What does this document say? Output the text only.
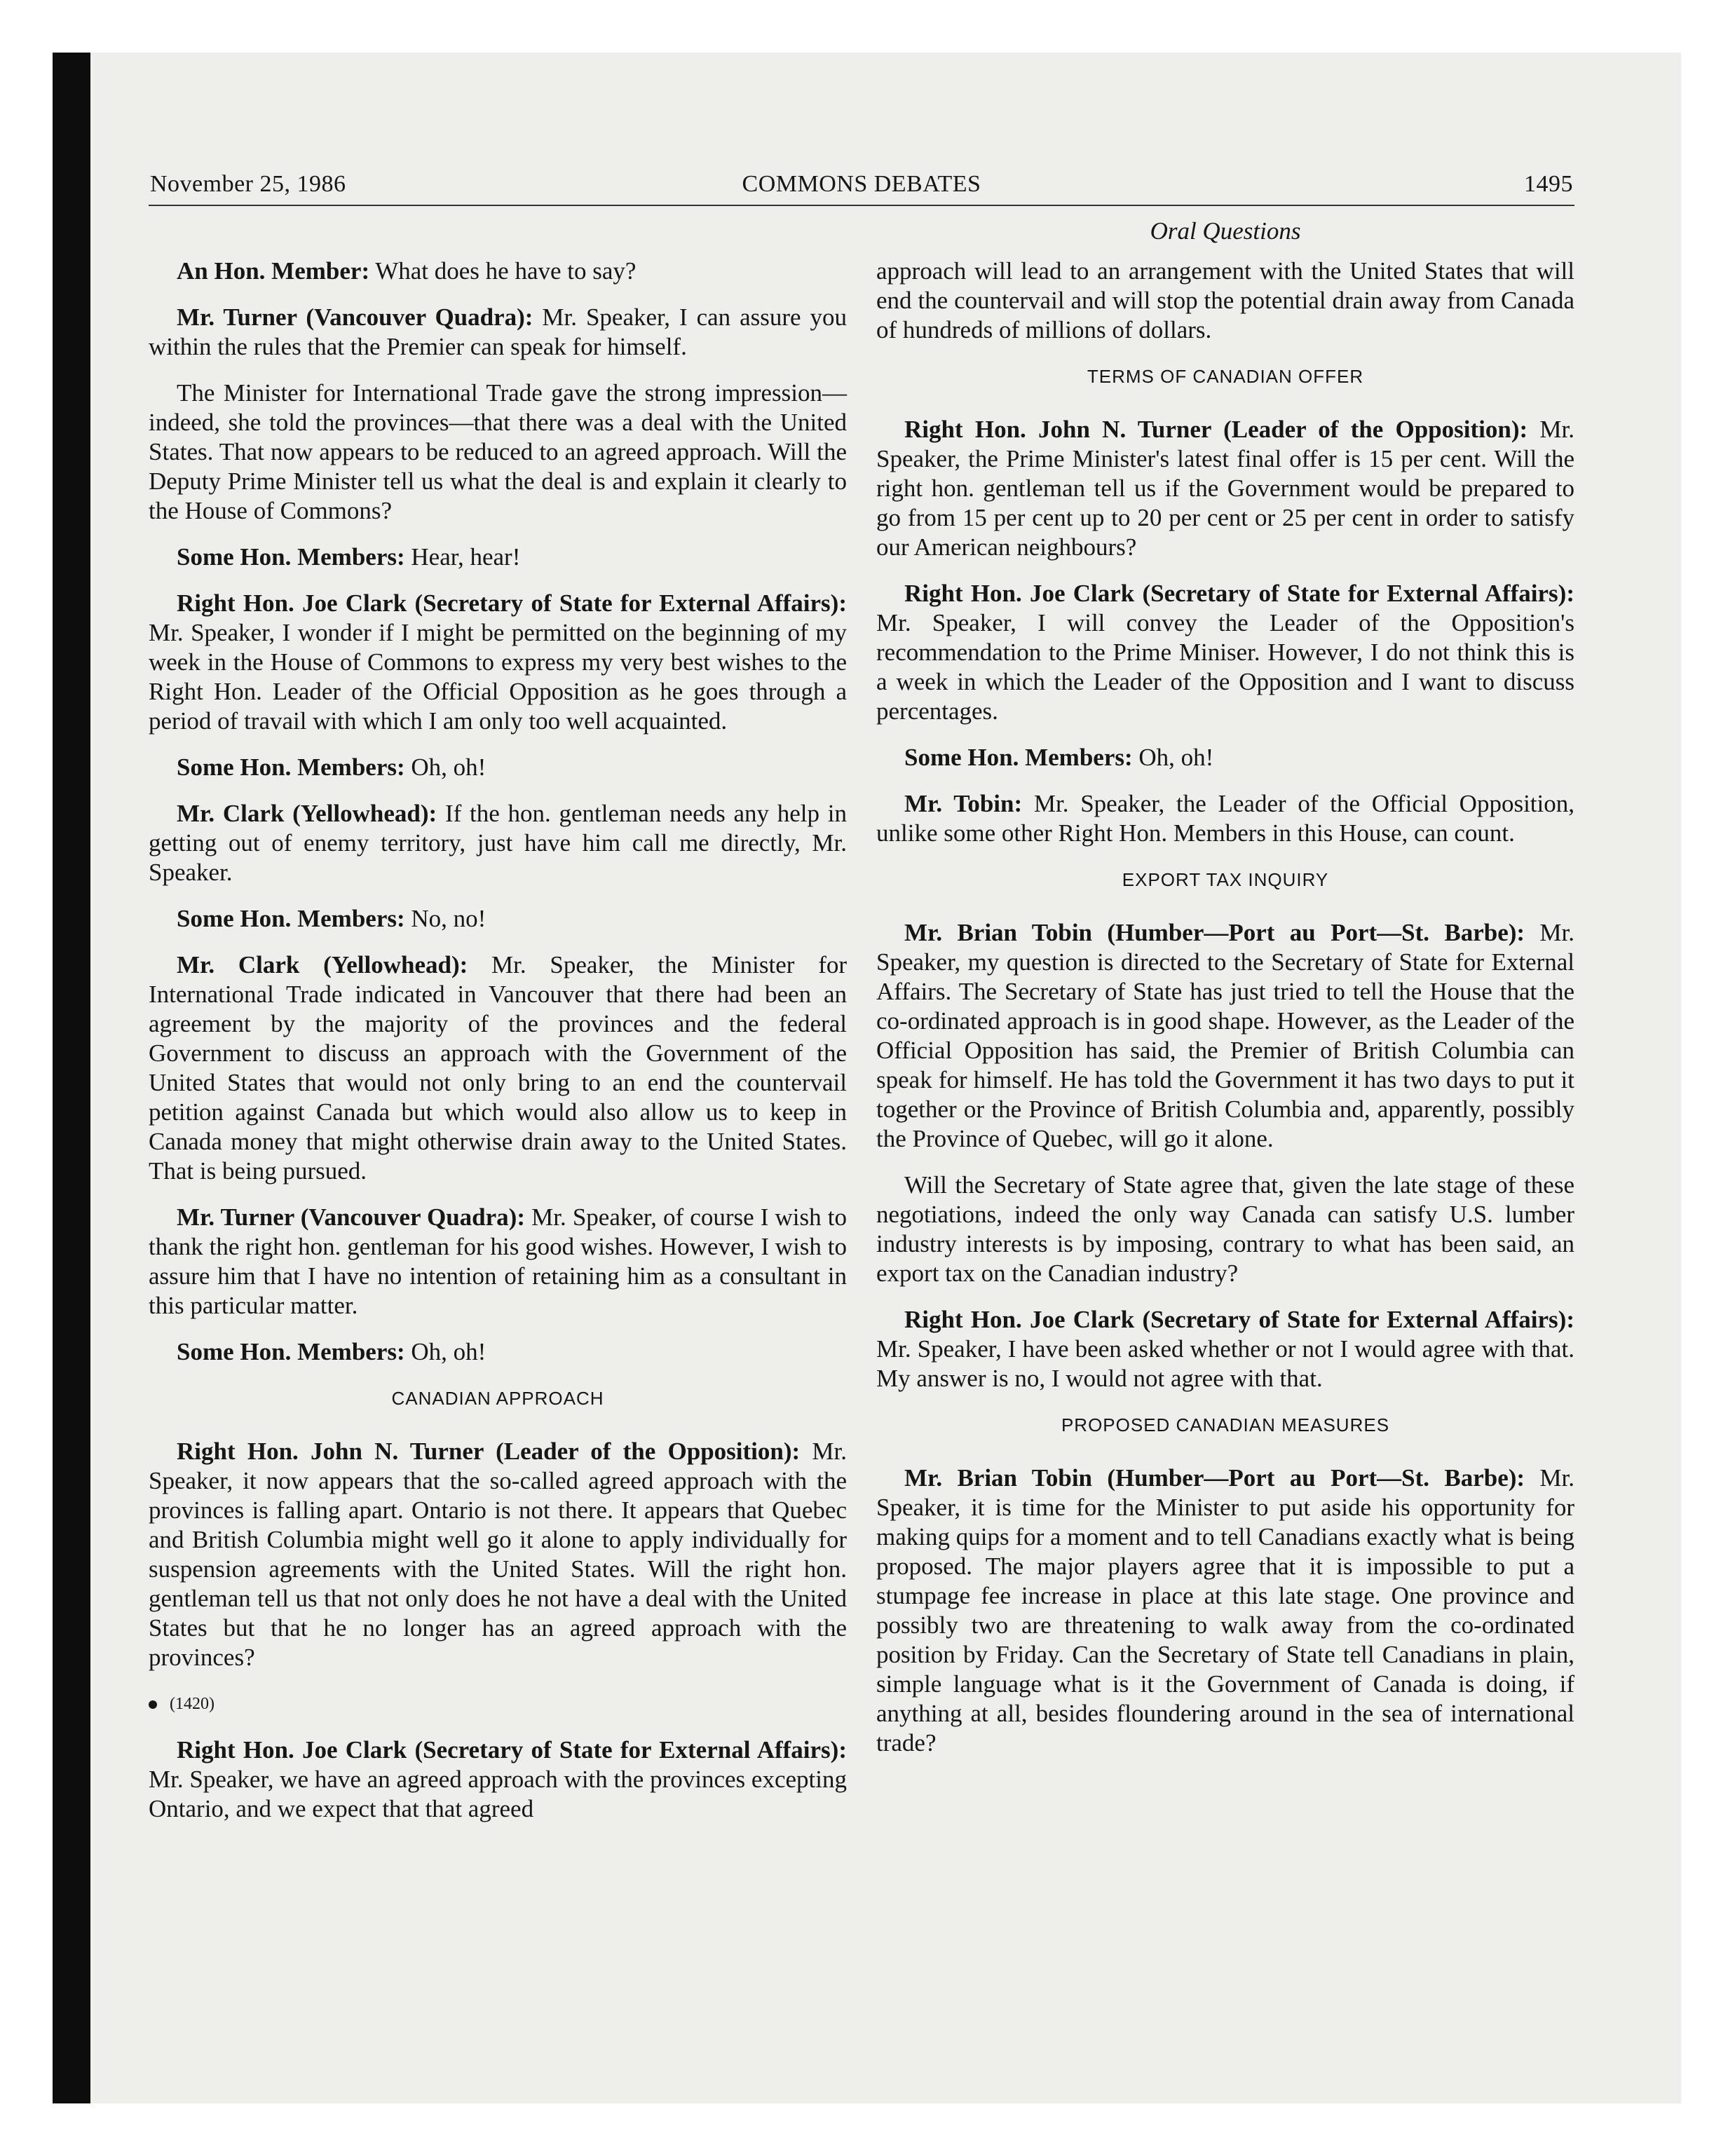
November 25, 1986	COMMONS DEBATES	1495
Oral Questions

An Hon. Member: What does he have to say?

Mr. Turner (Vancouver Quadra): Mr. Speaker, I can assure you within the rules that the Premier can speak for himself.

The Minister for International Trade gave the strong impression—indeed, she told the provinces—that there was a deal with the United States. That now appears to be reduced to an agreed approach. Will the Deputy Prime Minister tell us what the deal is and explain it clearly to the House of Commons?

Some Hon. Members: Hear, hear!

Right Hon. Joe Clark (Secretary of State for External Affairs): Mr. Speaker, I wonder if I might be permitted on the beginning of my week in the House of Commons to express my very best wishes to the Right Hon. Leader of the Official Opposition as he goes through a period of travail with which I am only too well acquainted.

Some Hon. Members: Oh, oh!

Mr. Clark (Yellowhead): If the hon. gentleman needs any help in getting out of enemy territory, just have him call me directly, Mr. Speaker.

Some Hon. Members: No, no!

Mr. Clark (Yellowhead): Mr. Speaker, the Minister for International Trade indicated in Vancouver that there had been an agreement by the majority of the provinces and the federal Government to discuss an approach with the Government of the United States that would not only bring to an end the countervail petition against Canada but which would also allow us to keep in Canada money that might otherwise drain away to the United States. That is being pursued.

Mr. Turner (Vancouver Quadra): Mr. Speaker, of course I wish to thank the right hon. gentleman for his good wishes. However, I wish to assure him that I have no intention of retaining him as a consultant in this particular matter.

Some Hon. Members: Oh, oh!

CANADIAN APPROACH

Right Hon. John N. Turner (Leader of the Opposition): Mr. Speaker, it now appears that the so-called agreed approach with the provinces is falling apart. Ontario is not there. It appears that Quebec and British Columbia might well go it alone to apply individually for suspension agreements with the United States. Will the right hon. gentleman tell us that not only does he not have a deal with the United States but that he no longer has an agreed approach with the provinces?

(1420)

Right Hon. Joe Clark (Secretary of State for External Affairs): Mr. Speaker, we have an agreed approach with the provinces excepting Ontario, and we expect that that agreed

approach will lead to an arrangement with the United States that will end the countervail and will stop the potential drain away from Canada of hundreds of millions of dollars.

TERMS OF CANADIAN OFFER

Right Hon. John N. Turner (Leader of the Opposition): Mr. Speaker, the Prime Minister's latest final offer is 15 per cent. Will the right hon. gentleman tell us if the Government would be prepared to go from 15 per cent up to 20 per cent or 25 per cent in order to satisfy our American neighbours?

Right Hon. Joe Clark (Secretary of State for External Affairs): Mr. Speaker, I will convey the Leader of the Opposition's recommendation to the Prime Miniser. However, I do not think this is a week in which the Leader of the Opposition and I want to discuss percentages.

Some Hon. Members: Oh, oh!

Mr. Tobin: Mr. Speaker, the Leader of the Official Opposition, unlike some other Right Hon. Members in this House, can count.

EXPORT TAX INQUIRY

Mr. Brian Tobin (Humber—Port au Port—St. Barbe): Mr. Speaker, my question is directed to the Secretary of State for External Affairs. The Secretary of State has just tried to tell the House that the co-ordinated approach is in good shape. However, as the Leader of the Official Opposition has said, the Premier of British Columbia can speak for himself. He has told the Government it has two days to put it together or the Province of British Columbia and, apparently, possibly the Province of Quebec, will go it alone.

Will the Secretary of State agree that, given the late stage of these negotiations, indeed the only way Canada can satisfy U.S. lumber industry interests is by imposing, contrary to what has been said, an export tax on the Canadian industry?

Right Hon. Joe Clark (Secretary of State for External Affairs): Mr. Speaker, I have been asked whether or not I would agree with that. My answer is no, I would not agree with that.

PROPOSED CANADIAN MEASURES

Mr. Brian Tobin (Humber—Port au Port—St. Barbe): Mr. Speaker, it is time for the Minister to put aside his opportunity for making quips for a moment and to tell Canadians exactly what is being proposed. The major players agree that it is impossible to put a stumpage fee increase in place at this late stage. One province and possibly two are threatening to walk away from the co-ordinated position by Friday. Can the Secretary of State tell Canadians in plain, simple language what is it the Government of Canada is doing, if anything at all, besides floundering around in the sea of international trade?
